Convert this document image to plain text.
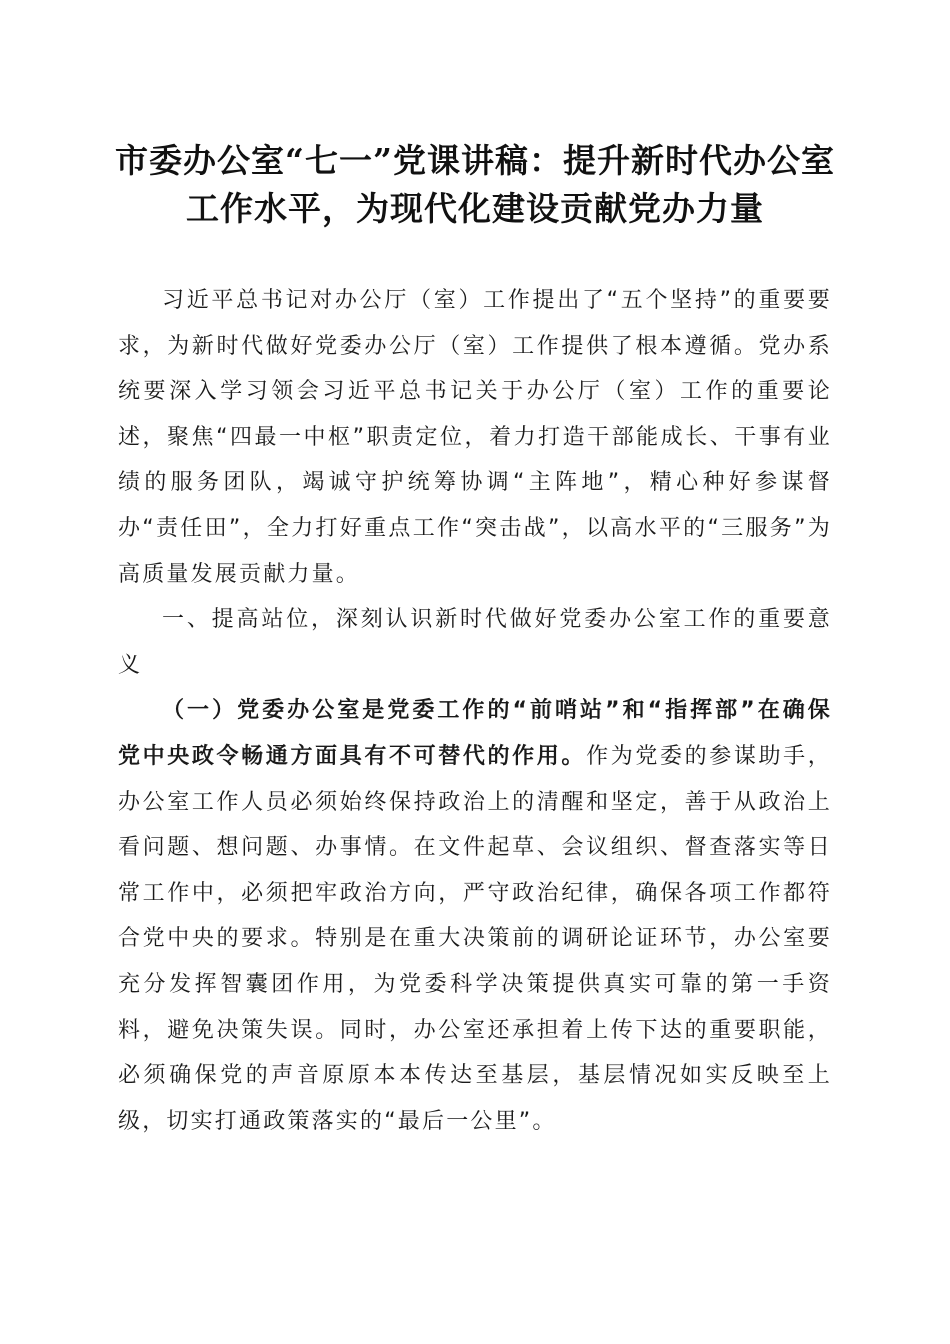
市委办公室“七一”党课讲稿：提升新时代办公室工作水平，为现代化建设贡献党办力量

习近平总书记对办公厅（室）工作提出了“五个坚持”的重要要求，为新时代做好党委办公厅（室）工作提供了根本遵循。党办系统要深入学习领会习近平总书记关于办公厅（室）工作的重要论述，聚焦“四最一中枢”职责定位，着力打造干部能成长、干事有业绩的服务团队，竭诚守护统筹协调“主阵地”，精心种好参谋督办“责任田”，全力打好重点工作“突击战”，以高水平的“三服务”为高质量发展贡献力量。

一、提高站位，深刻认识新时代做好党委办公室工作的重要意义

（一）党委办公室是党委工作的“前哨站”和“指挥部”在确保党中央政令畅通方面具有不可替代的作用。作为党委的参谋助手，办公室工作人员必须始终保持政治上的清醒和坚定，善于从政治上看问题、想问题、办事情。在文件起草、会议组织、督查落实等日常工作中，必须把牢政治方向，严守政治纪律，确保各项工作都符合党中央的要求。特别是在重大决策前的调研论证环节，办公室要充分发挥智囊团作用，为党委科学决策提供真实可靠的第一手资料，避免决策失误。同时，办公室还承担着上传下达的重要职能，必须确保党的声音原原本本传达至基层，基层情况如实反映至上级，切实打通政策落实的“最后一公里”。
